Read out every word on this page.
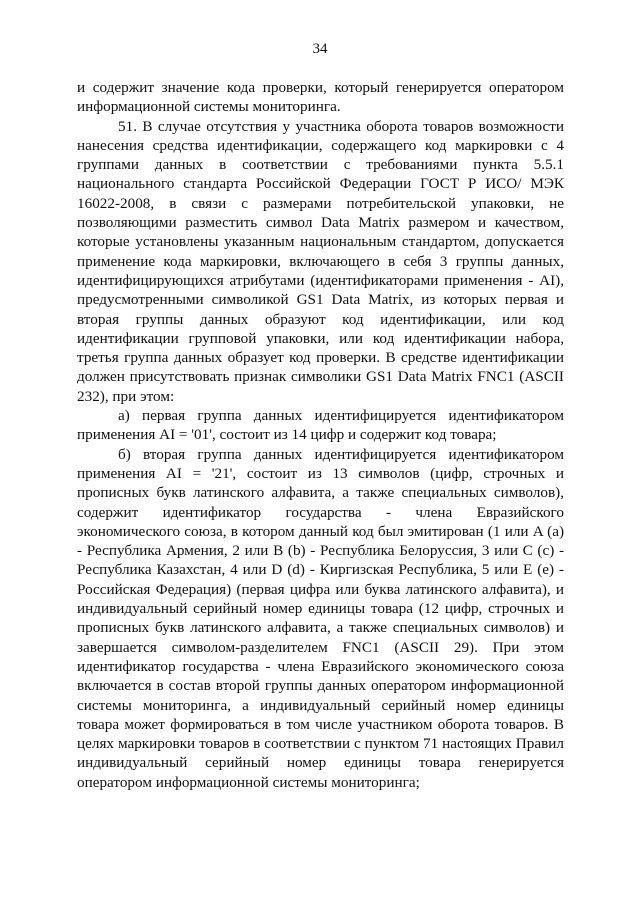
34

и содержит значение кода проверки, который генерируется оператором информационной системы мониторинга.

51. В случае отсутствия у участника оборота товаров возможности нанесения средства идентификации, содержащего код маркировки с 4 группами данных в соответствии с требованиями пункта 5.5.1 национального стандарта Российской Федерации ГОСТ Р ИСО/ МЭК 16022-2008, в связи с размерами потребительской упаковки, не позволяющими разместить символ Data Matrix размером и качеством, которые установлены указанным национальным стандартом, допускается применение кода маркировки, включающего в себя 3 группы данных, идентифицирующихся атрибутами (идентификаторами применения - AI), предусмотренными символикой GS1 Data Matrix, из которых первая и вторая группы данных образуют код идентификации, или код идентификации групповой упаковки, или код идентификации набора, третья группа данных образует код проверки. В средстве идентификации должен присутствовать признак символики GS1 Data Matrix FNC1 (ASCII 232), при этом:

а) первая группа данных идентифицируется идентификатором применения AI = '01', состоит из 14 цифр и содержит код товара;

б) вторая группа данных идентифицируется идентификатором применения AI = '21', состоит из 13 символов (цифр, строчных и прописных букв латинского алфавита, а также специальных символов), содержит идентификатор государства - члена Евразийского экономического союза, в котором данный код был эмитирован (1 или A (a) - Республика Армения, 2 или B (b) - Республика Белоруссия, 3 или C (c) - Республика Казахстан, 4 или D (d) - Киргизская Республика, 5 или E (e) - Российская Федерация) (первая цифра или буква латинского алфавита), и индивидуальный серийный номер единицы товара (12 цифр, строчных и прописных букв латинского алфавита, а также специальных символов) и завершается символом-разделителем FNC1 (ASCII 29). При этом идентификатор государства - члена Евразийского экономического союза включается в состав второй группы данных оператором информационной системы мониторинга, а индивидуальный серийный номер единицы товара может формироваться в том числе участником оборота товаров. В целях маркировки товаров в соответствии с пунктом 71 настоящих Правил индивидуальный серийный номер единицы товара генерируется оператором информационной системы мониторинга;
